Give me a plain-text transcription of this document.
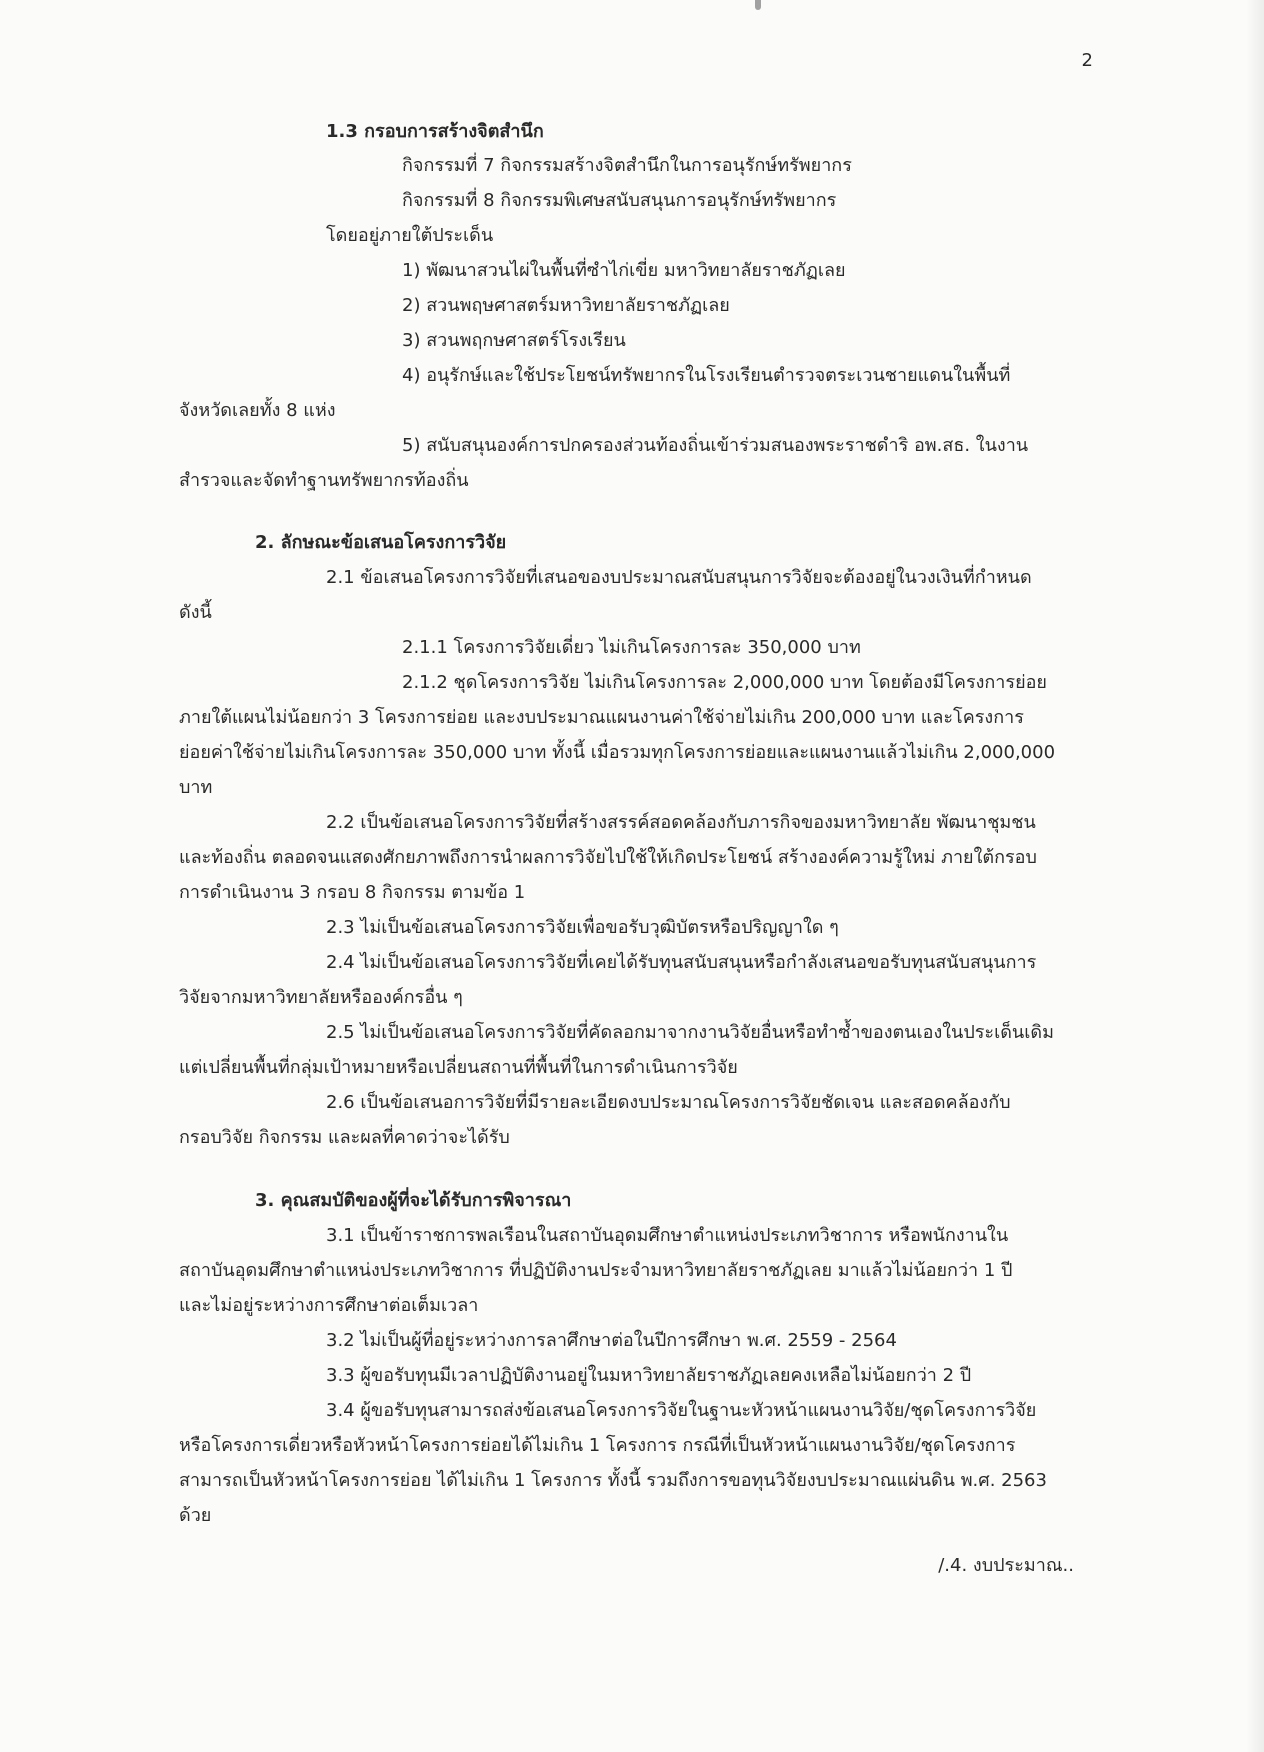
2
1.3 กรอบการสร้างจิตสำนึก
กิจกรรมที่ 7 กิจกรรมสร้างจิตสำนึกในการอนุรักษ์ทรัพยากร
กิจกรรมที่ 8 กิจกรรมพิเศษสนับสนุนการอนุรักษ์ทรัพยากร
โดยอยู่ภายใต้ประเด็น
1) พัฒนาสวนไผ่ในพื้นที่ซำไก่เขี่ย มหาวิทยาลัยราชภัฏเลย
2) สวนพฤษศาสตร์มหาวิทยาลัยราชภัฏเลย
3) สวนพฤกษศาสตร์โรงเรียน
4) อนุรักษ์และใช้ประโยชน์ทรัพยากรในโรงเรียนตำรวจตระเวนชายแดนในพื้นที่
จังหวัดเลยทั้ง 8 แห่ง
5) สนับสนุนองค์การปกครองส่วนท้องถิ่นเข้าร่วมสนองพระราชดำริ อพ.สธ. ในงาน
สำรวจและจัดทำฐานทรัพยากรท้องถิ่น
2. ลักษณะข้อเสนอโครงการวิจัย
2.1 ข้อเสนอโครงการวิจัยที่เสนอของบประมาณสนับสนุนการวิจัยจะต้องอยู่ในวงเงินที่กำหนด
ดังนี้
2.1.1 โครงการวิจัยเดี่ยว ไม่เกินโครงการละ 350,000 บาท
2.1.2 ชุดโครงการวิจัย ไม่เกินโครงการละ 2,000,000 บาท โดยต้องมีโครงการย่อย
ภายใต้แผนไม่น้อยกว่า 3 โครงการย่อย และงบประมาณแผนงานค่าใช้จ่ายไม่เกิน 200,000 บาท และโครงการ
ย่อยค่าใช้จ่ายไม่เกินโครงการละ 350,000 บาท ทั้งนี้ เมื่อรวมทุกโครงการย่อยและแผนงานแล้วไม่เกิน 2,000,000
บาท
2.2 เป็นข้อเสนอโครงการวิจัยที่สร้างสรรค์สอดคล้องกับภารกิจของมหาวิทยาลัย พัฒนาชุมชน
และท้องถิ่น ตลอดจนแสดงศักยภาพถึงการนำผลการวิจัยไปใช้ให้เกิดประโยชน์ สร้างองค์ความรู้ใหม่ ภายใต้กรอบ
การดำเนินงาน 3 กรอบ 8 กิจกรรม ตามข้อ 1
2.3 ไม่เป็นข้อเสนอโครงการวิจัยเพื่อขอรับวุฒิบัตรหรือปริญญาใด ๆ
2.4 ไม่เป็นข้อเสนอโครงการวิจัยที่เคยได้รับทุนสนับสนุนหรือกำลังเสนอขอรับทุนสนับสนุนการ
วิจัยจากมหาวิทยาลัยหรือองค์กรอื่น ๆ
2.5 ไม่เป็นข้อเสนอโครงการวิจัยที่คัดลอกมาจากงานวิจัยอื่นหรือทำซ้ำของตนเองในประเด็นเดิม
แต่เปลี่ยนพื้นที่กลุ่มเป้าหมายหรือเปลี่ยนสถานที่พื้นที่ในการดำเนินการวิจัย
2.6 เป็นข้อเสนอการวิจัยที่มีรายละเอียดงบประมาณโครงการวิจัยชัดเจน และสอดคล้องกับ
กรอบวิจัย กิจกรรม และผลที่คาดว่าจะได้รับ
3. คุณสมบัติของผู้ที่จะได้รับการพิจารณา
3.1 เป็นข้าราชการพลเรือนในสถาบันอุดมศึกษาตำแหน่งประเภทวิชาการ หรือพนักงานใน
สถาบันอุดมศึกษาตำแหน่งประเภทวิชาการ ที่ปฏิบัติงานประจำมหาวิทยาลัยราชภัฏเลย มาแล้วไม่น้อยกว่า 1 ปี
และไม่อยู่ระหว่างการศึกษาต่อเต็มเวลา
3.2 ไม่เป็นผู้ที่อยู่ระหว่างการลาศึกษาต่อในปีการศึกษา พ.ศ. 2559 - 2564
3.3 ผู้ขอรับทุนมีเวลาปฏิบัติงานอยู่ในมหาวิทยาลัยราชภัฏเลยคงเหลือไม่น้อยกว่า 2 ปี
3.4 ผู้ขอรับทุนสามารถส่งข้อเสนอโครงการวิจัยในฐานะหัวหน้าแผนงานวิจัย/ชุดโครงการวิจัย
หรือโครงการเดี่ยวหรือหัวหน้าโครงการย่อยได้ไม่เกิน 1 โครงการ กรณีที่เป็นหัวหน้าแผนงานวิจัย/ชุดโครงการ
สามารถเป็นหัวหน้าโครงการย่อย ได้ไม่เกิน 1 โครงการ ทั้งนี้ รวมถึงการขอทุนวิจัยงบประมาณแผ่นดิน พ.ศ. 2563
ด้วย
/.4. งบประมาณ..
